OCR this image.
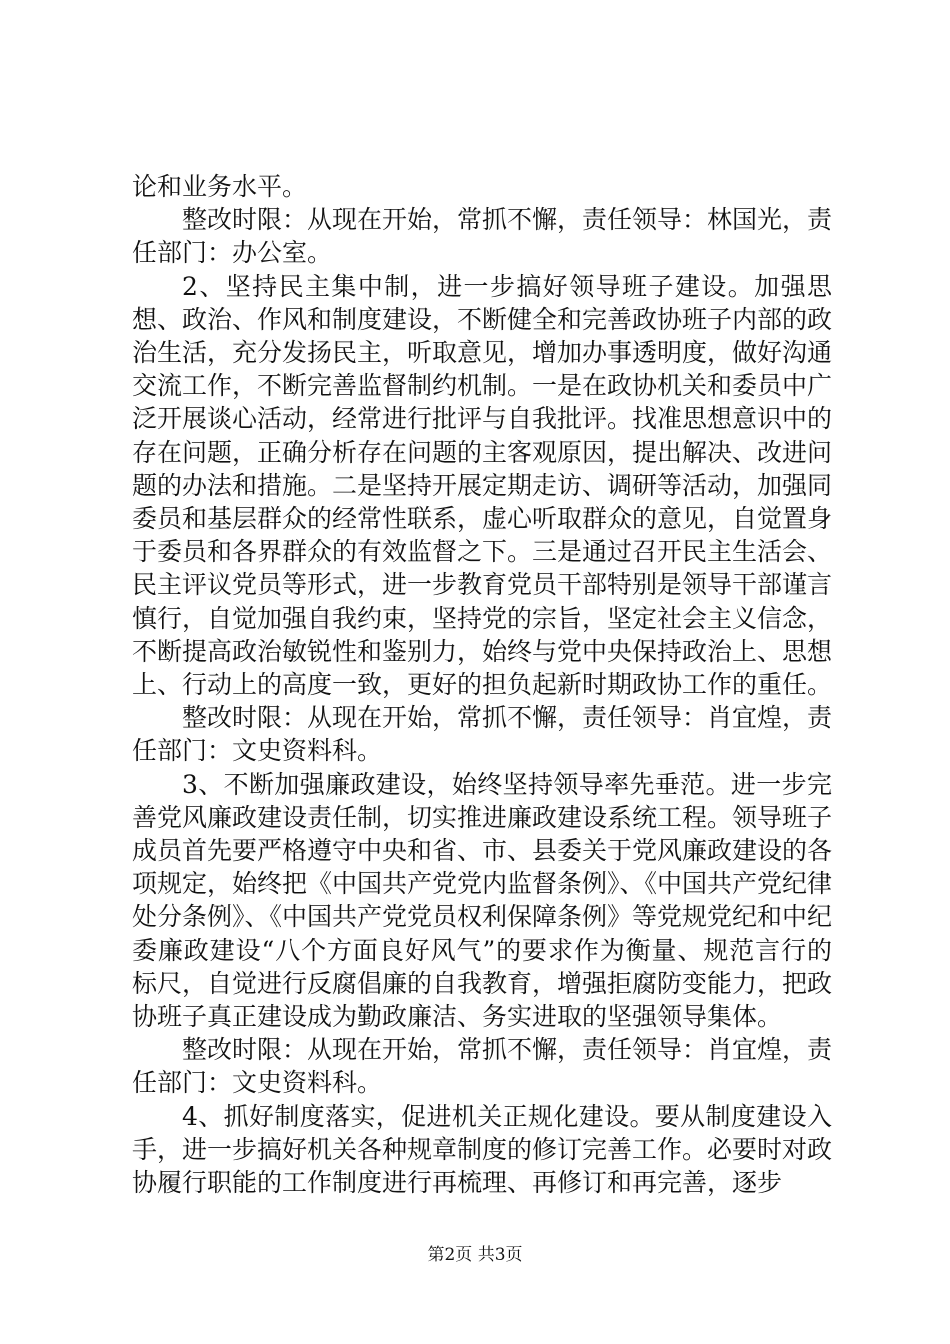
论和业务水平。

整改时限：从现在开始，常抓不懈，责任领导：林国光，责任部门：办公室。

2、坚持民主集中制，进一步搞好领导班子建设。加强思想、政治、作风和制度建设，不断健全和完善政协班子内部的政治生活，充分发扬民主，听取意见，增加办事透明度，做好沟通交流工作，不断完善监督制约机制。一是在政协机关和委员中广泛开展谈心活动，经常进行批评与自我批评。找准思想意识中的存在问题，正确分析存在问题的主客观原因，提出解决、改进问题的办法和措施。二是坚持开展定期走访、调研等活动，加强同委员和基层群众的经常性联系，虚心听取群众的意见，自觉置身于委员和各界群众的有效监督之下。三是通过召开民主生活会、民主评议党员等形式，进一步教育党员干部特别是领导干部谨言慎行，自觉加强自我约束，坚持党的宗旨，坚定社会主义信念，不断提高政治敏锐性和鉴别力，始终与党中央保持政治上、思想上、行动上的高度一致，更好的担负起新时期政协工作的重任。

整改时限：从现在开始，常抓不懈，责任领导：肖宜煌，责任部门：文史资料科。

3、不断加强廉政建设，始终坚持领导率先垂范。进一步完善党风廉政建设责任制，切实推进廉政建设系统工程。领导班子成员首先要严格遵守中央和省、市、县委关于党风廉政建设的各项规定，始终把《中国共产党党内监督条例》、《中国共产党纪律处分条例》、《中国共产党党员权利保障条例》等党规党纪和中纪委廉政建设“八个方面良好风气”的要求作为衡量、规范言行的标尺，自觉进行反腐倡廉的自我教育，增强拒腐防变能力，把政协班子真正建设成为勤政廉洁、务实进取的坚强领导集体。

整改时限：从现在开始，常抓不懈，责任领导：肖宜煌，责任部门：文史资料科。

4、抓好制度落实，促进机关正规化建设。要从制度建设入手，进一步搞好机关各种规章制度的修订完善工作。必要时对政协履行职能的工作制度进行再梳理、再修订和再完善，逐步

第2页 共3页
